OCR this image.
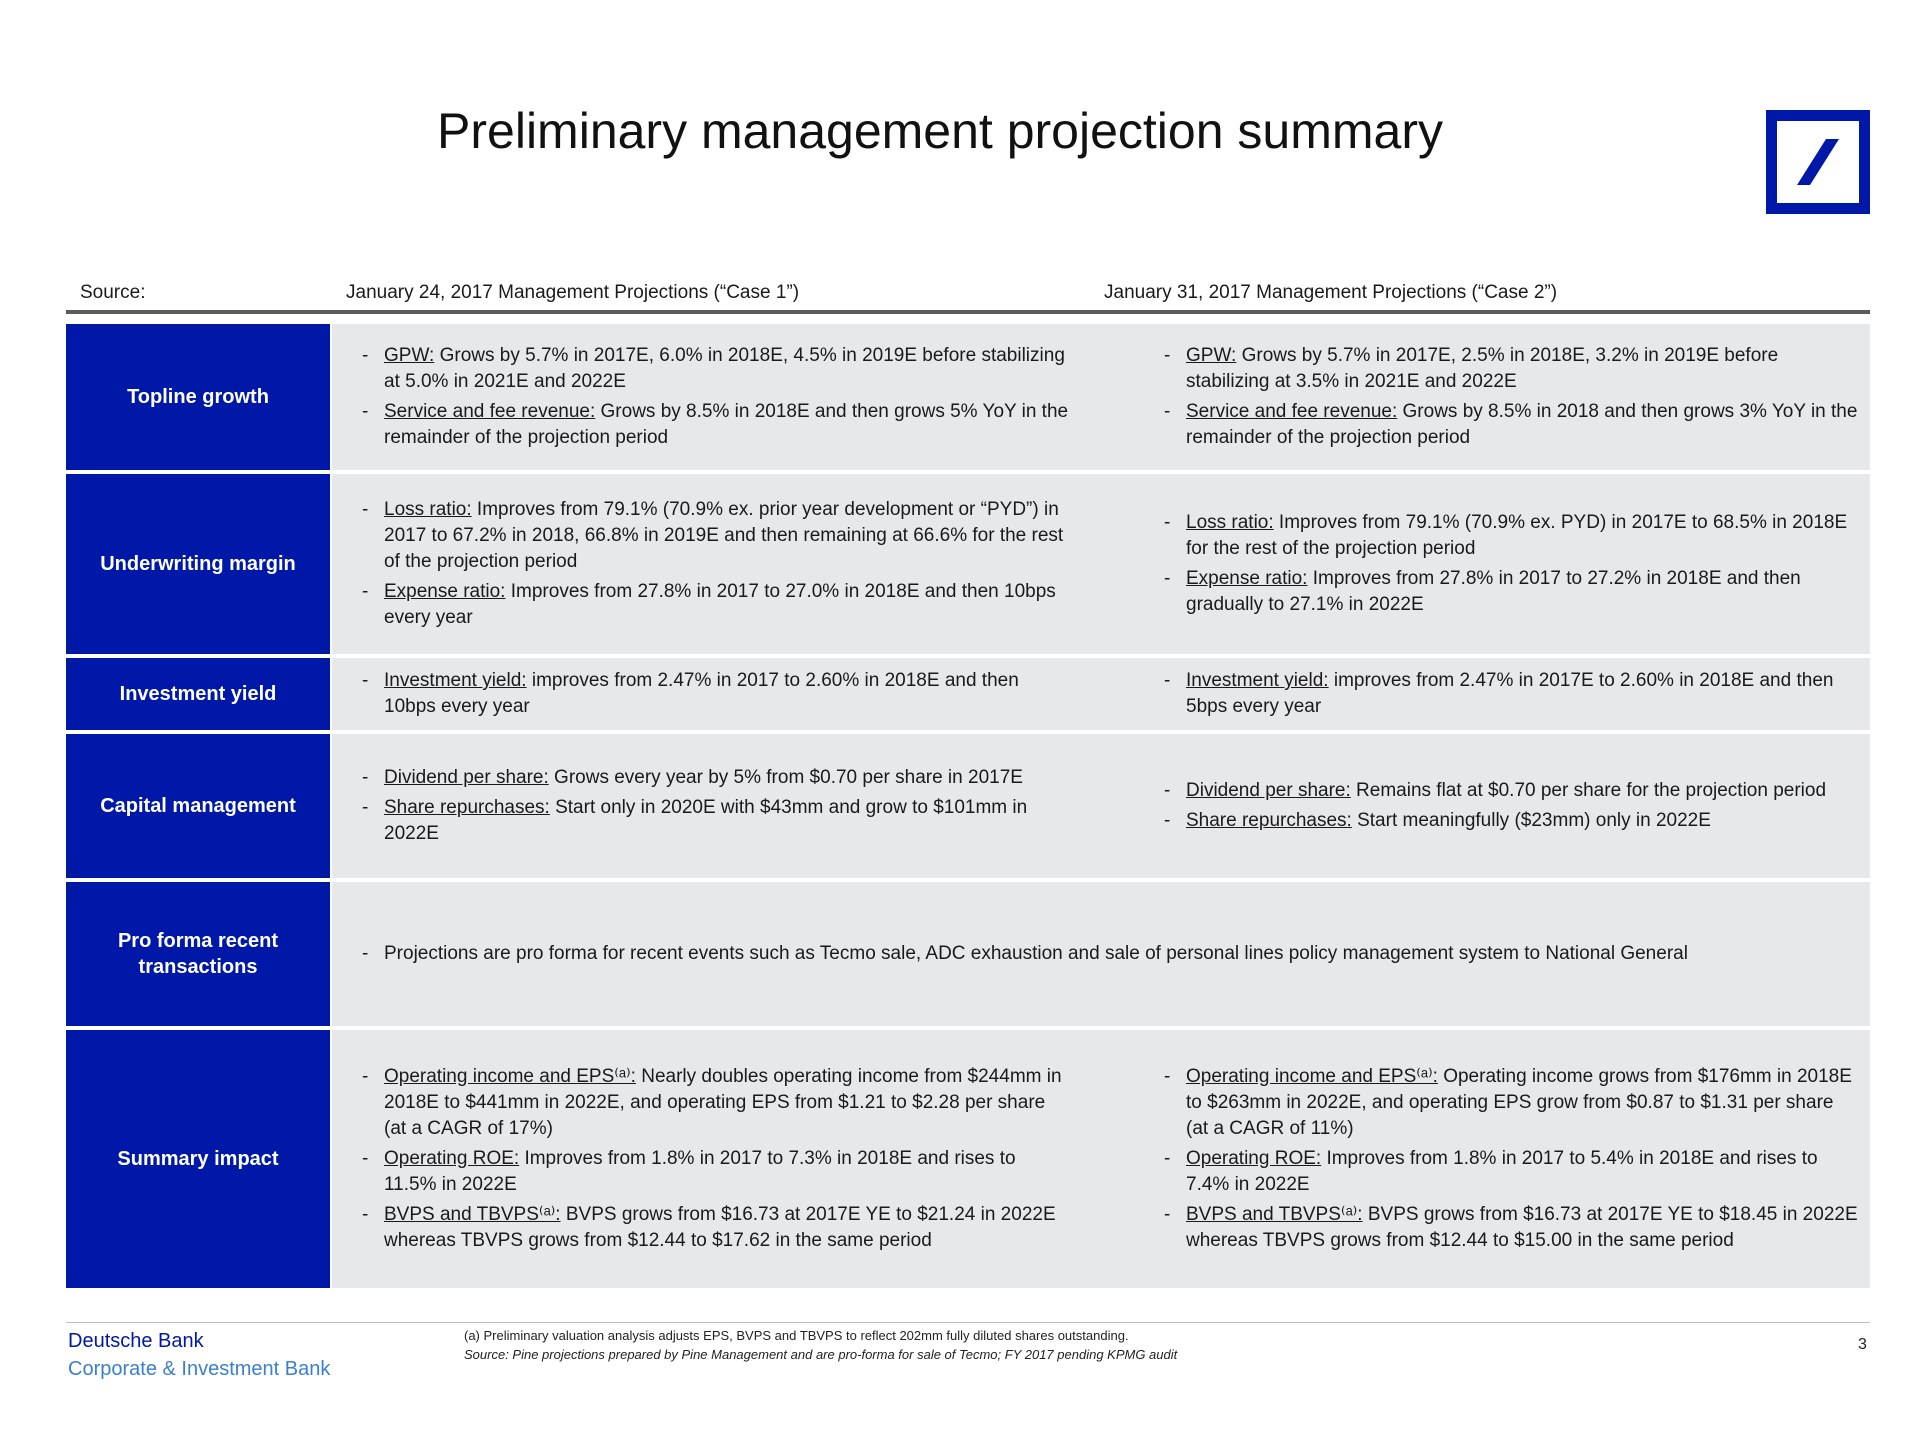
Preliminary management projection summary
Source:	January 24, 2017 Management Projections (“Case 1”)	January 31, 2017 Management Projections (“Case 2”)
Topline growth
- GPW: Grows by 5.7% in 2017E, 6.0% in 2018E, 4.5% in 2019E before stabilizing at 5.0% in 2021E and 2022E
- Service and fee revenue: Grows by 8.5% in 2018E and then grows 5% YoY in the remainder of the projection period
- GPW: Grows by 5.7% in 2017E, 2.5% in 2018E, 3.2% in 2019E before stabilizing at 3.5% in 2021E and 2022E
- Service and fee revenue: Grows by 8.5% in 2018 and then grows 3% YoY in the remainder of the projection period
Underwriting margin
- Loss ratio: Improves from 79.1% (70.9% ex. prior year development or “PYD”) in 2017 to 67.2% in 2018, 66.8% in 2019E and then remaining at 66.6% for the rest of the projection period
- Expense ratio: Improves from 27.8% in 2017 to 27.0% in 2018E and then 10bps every year
- Loss ratio: Improves from 79.1% (70.9% ex. PYD) in 2017E to 68.5% in 2018E for the rest of the projection period
- Expense ratio: Improves from 27.8% in 2017 to 27.2% in 2018E and then gradually to 27.1% in 2022E
Investment yield
- Investment yield: improves from 2.47% in 2017 to 2.60% in 2018E and then 10bps every year
- Investment yield: improves from 2.47% in 2017E to 2.60% in 2018E and then 5bps every year
Capital management
- Dividend per share: Grows every year by 5% from $0.70 per share in 2017E
- Share repurchases: Start only in 2020E with $43mm and grow to $101mm in 2022E
- Dividend per share: Remains flat at $0.70 per share for the projection period
- Share repurchases: Start meaningfully ($23mm) only in 2022E
Pro forma recent transactions
- Projections are pro forma for recent events such as Tecmo sale, ADC exhaustion and sale of personal lines policy management system to National General
Summary impact
- Operating income and EPS⁽ᵃ⁾: Nearly doubles operating income from $244mm in 2018E to $441mm in 2022E, and operating EPS from $1.21 to $2.28 per share (at a CAGR of 17%)
- Operating ROE: Improves from 1.8% in 2017 to 7.3% in 2018E and rises to 11.5% in 2022E
- BVPS and TBVPS⁽ᵃ⁾: BVPS grows from $16.73 at 2017E YE to $21.24 in 2022E whereas TBVPS grows from $12.44 to $17.62 in the same period
- Operating income and EPS⁽ᵃ⁾: Operating income grows from $176mm in 2018E to $263mm in 2022E, and operating EPS grow from $0.87 to $1.31 per share (at a CAGR of 11%)
- Operating ROE: Improves from 1.8% in 2017 to 5.4% in 2018E and rises to 7.4% in 2022E
- BVPS and TBVPS⁽ᵃ⁾: BVPS grows from $16.73 at 2017E YE to $18.45 in 2022E whereas TBVPS grows from $12.44 to $15.00 in the same period
Deutsche Bank
Corporate & Investment Bank
(a) Preliminary valuation analysis adjusts EPS, BVPS and TBVPS to reflect 202mm fully diluted shares outstanding.
Source: Pine projections prepared by Pine Management and are pro-forma for sale of Tecmo; FY 2017 pending KPMG audit
3
